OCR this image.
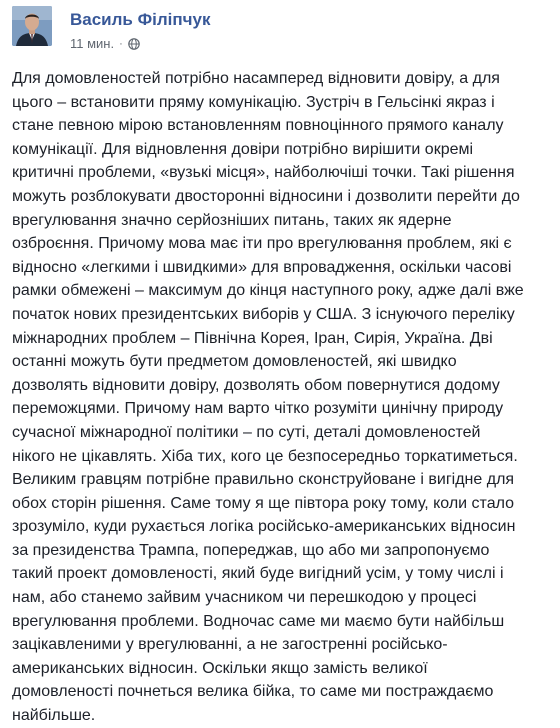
Василь Філіпчук
11 мин. ·
Для домовленостей потрібно насамперед відновити довіру, а для
цього – встановити пряму комунікацію. Зустріч в Гельсінкі якраз і
стане певною мірою встановленням повноцінного прямого каналу
комунікації. Для відновлення довіри потрібно вирішити окремі
критичні проблеми, «вузькі місця», найболючіші точки. Такі рішення
можуть розблокувати двосторонні відносини і дозволити перейти до
врегулювання значно серйозніших питань, таких як ядерне
озброєння. Причому мова має іти про врегулювання проблем, які є
відносно «легкими і швидкими» для впровадження, оскільки часові
рамки обмежені – максимум до кінця наступного року, адже далі вже
початок нових президентських виборів у США. З існуючого переліку
міжнародних проблем – Північна Корея, Іран, Сирія, Україна. Дві
останні можуть бути предметом домовленостей, які швидко
дозволять відновити довіру, дозволять обом повернутися додому
переможцями. Причому нам варто чітко розуміти цинічну природу
сучасної міжнародної політики – по суті, деталі домовленостей
нікого не цікавлять. Хіба тих, кого це безпосередньо торкатиметься.
Великим гравцям потрібне правильно сконструйоване і вигідне для
обох сторін рішення. Саме тому я ще півтора року тому, коли стало
зрозуміло, куди рухається логіка російсько-американських відносин
за президенства Трампа, попереджав, що або ми запропонуємо
такий проект домовленості, який буде вигідний усім, у тому числі і
нам, або станемо зайвим учасником чи перешкодою у процесі
врегулювання проблеми. Водночас саме ми маємо бути найбільш
зацікавленими у врегулюванні, а не загостренні російсько-
американських відносин. Оскільки якщо замість великої
домовленості почнеться велика бійка, то саме ми постраждаємо
найбільше.
